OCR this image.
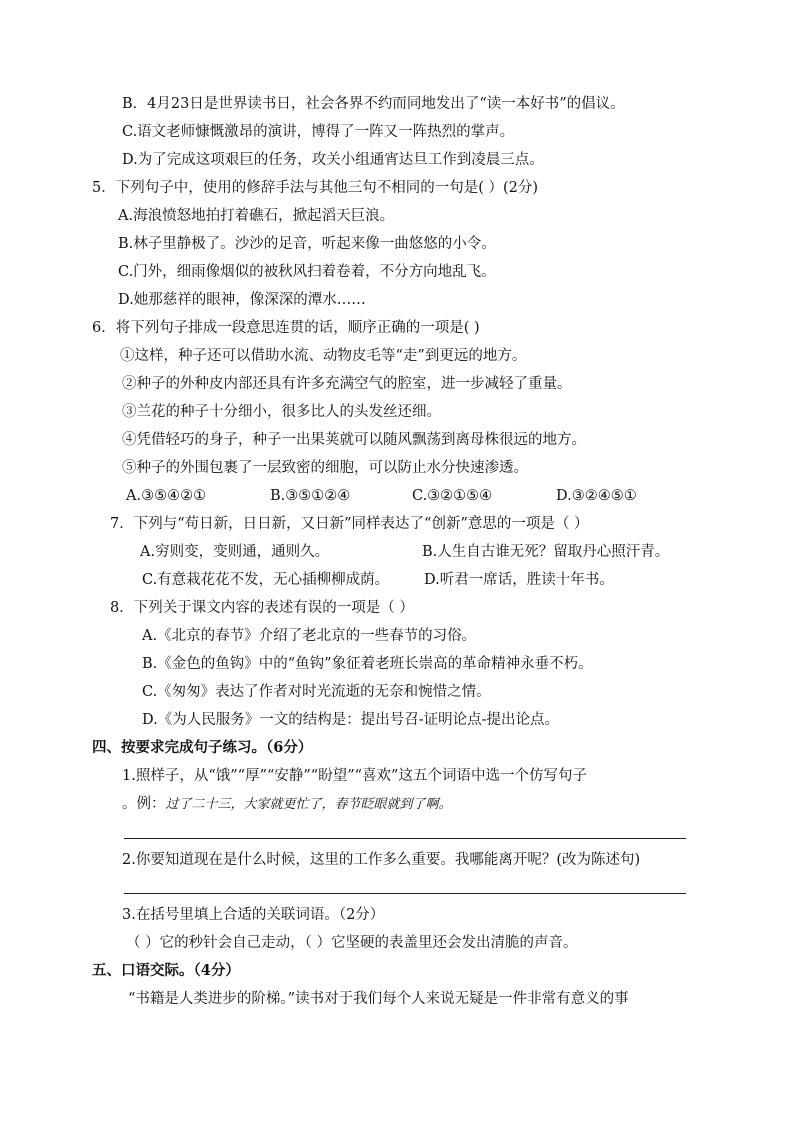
B．4月23日是世界读书日，社会各界不约而同地发出了“读一本好书”的倡议。
C.语文老师慷慨激昂的演讲，博得了一阵又一阵热烈的掌声。
D.为了完成这项艰巨的任务，攻关小组通宵达旦工作到凌晨三点。
5．下列句子中，使用的修辞手法与其他三句不相同的一句是( ）(2分)
A.海浪愤怒地拍打着礁石，掀起滔天巨浪。
B.林子里静极了。沙沙的足音，听起来像一曲悠悠的小令。
C.门外，细雨像烟似的被秋风扫着卷着，不分方向地乱飞。
D.她那慈祥的眼神，像深深的潭水……
6．将下列句子排成一段意思连贯的话，顺序正确的一项是( )
①这样，种子还可以借助水流、动物皮毛等“走”到更远的地方。
②种子的外种皮内部还具有许多充满空气的腔室，进一步减轻了重量。
③兰花的种子十分细小，很多比人的头发丝还细。
④凭借轻巧的身子，种子一出果荚就可以随风飘荡到离母株很远的地方。
⑤种子的外围包裹了一层致密的细胞，可以防止水分快速渗透。
A.③⑤④②①	B.③⑤①②④	C.③②①⑤④	D.③②④⑤①
7．下列与“苟日新，日日新，又日新”同样表达了“创新”意思的一项是（ ）
A.穷则变，变则通，通则久。	B.人生自古谁无死？留取丹心照汗青。
C.有意栽花花不发，无心插柳柳成荫。 D.听君一席话，胜读十年书。
8．下列关于课文内容的表述有误的一项是（ ）
A.《北京的春节》介绍了老北京的一些春节的习俗。
B.《金色的鱼钩》中的“鱼钩”象征着老班长崇高的革命精神永垂不朽。
C.《匆匆》表达了作者对时光流逝的无奈和惋惜之情。
D.《为人民服务》一文的结构是：提出号召-证明论点-提出论点。
四、按要求完成句子练习。（6分）
1.照样子，从“饿”“厚”“安静”“盼望”“喜欢”这五个词语中选一个仿写句子
。例：过了二十三，大家就更忙了，春节眨眼就到了啊。
2.你要知道现在是什么时候，这里的工作多么重要。我哪能离开呢？(改为陈述句)
3.在括号里填上合适的关联词语。（2分）
（ ）它的秒针会自己走动，（ ）它坚硬的表盖里还会发出清脆的声音。
五、口语交际。（4分）
“书籍是人类进步的阶梯。”读书对于我们每个人来说无疑是一件非常有意义的事
